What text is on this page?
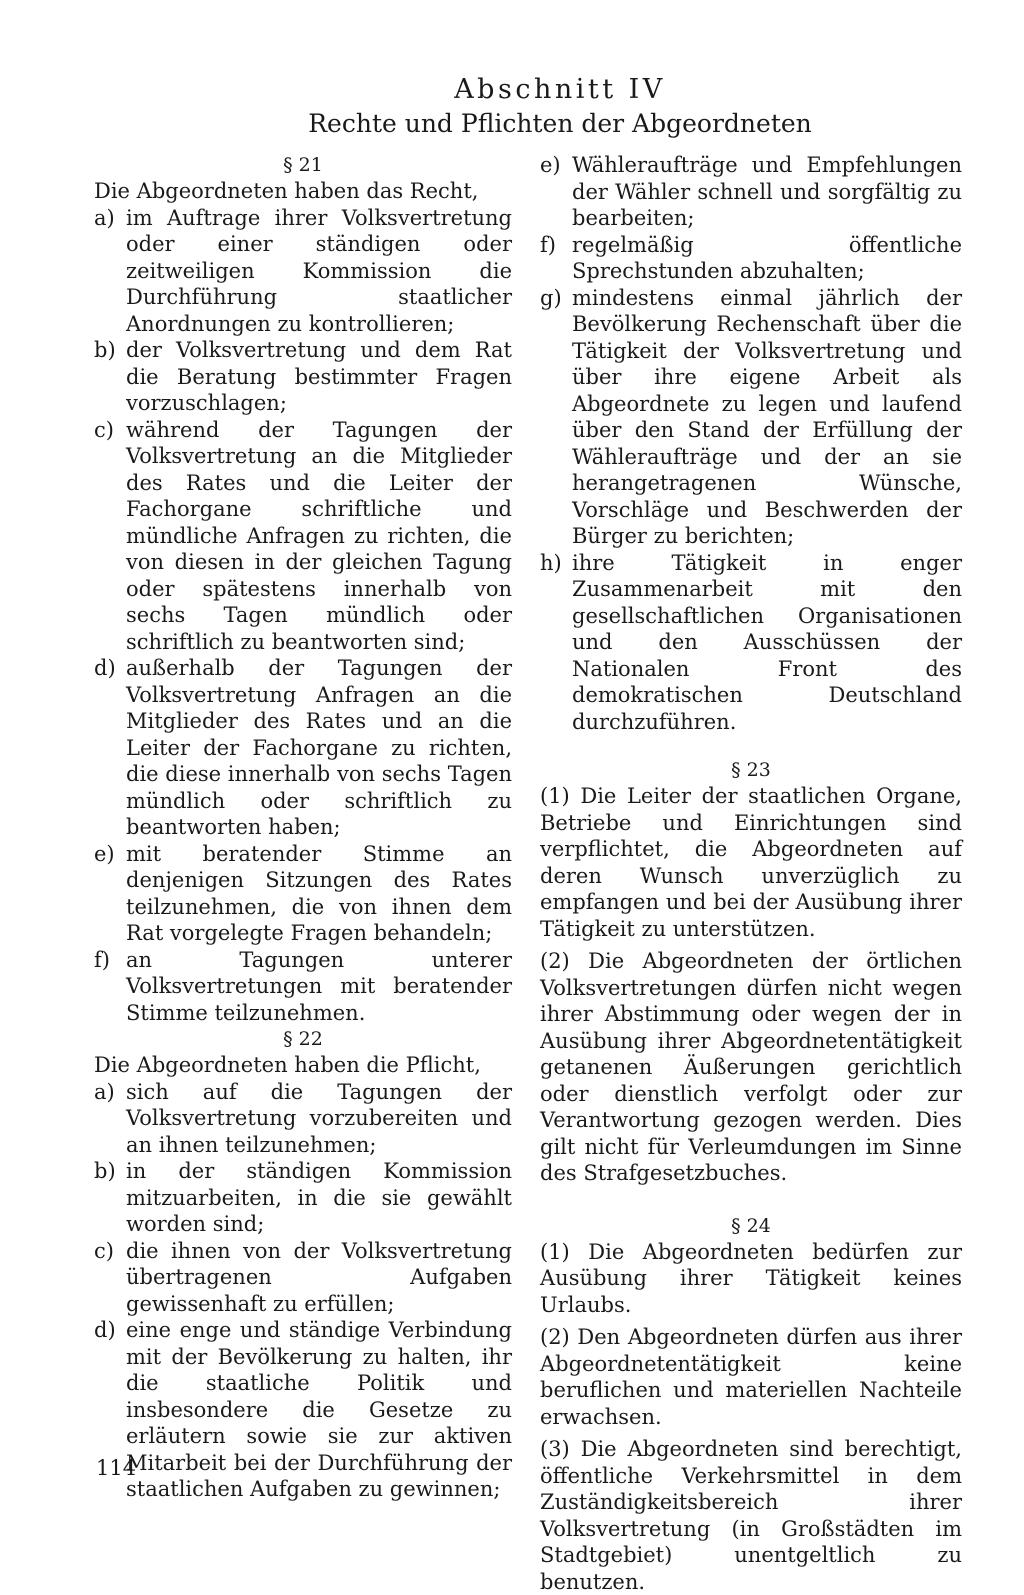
Abschnitt IV
Rechte und Pflichten der Abgeordneten
§ 21

Die Abgeordneten haben das Recht,

a) im Auftrage ihrer Volksvertretung oder einer ständigen oder zeitweiligen Kommission die Durchführung staatlicher Anordnungen zu kontrollieren;
b) der Volksvertretung und dem Rat die Beratung bestimmter Fragen vorzuschlagen;
c) während der Tagungen der Volksvertretung an die Mitglieder des Rates und die Leiter der Fachorgane schriftliche und mündliche Anfragen zu richten, die von diesen in der gleichen Tagung oder spätestens innerhalb von sechs Tagen mündlich oder schriftlich zu beantworten sind;
d) außerhalb der Tagungen der Volksvertretung Anfragen an die Mitglieder des Rates und an die Leiter der Fachorgane zu richten, die diese innerhalb von sechs Tagen mündlich oder schriftlich zu beantworten haben;
e) mit beratender Stimme an denjenigen Sitzungen des Rates teilzunehmen, die von ihnen dem Rat vorgelegte Fragen behandeln;
f) an Tagungen unterer Volksvertretungen mit beratender Stimme teilzunehmen.
§ 22

Die Abgeordneten haben die Pflicht,

a) sich auf die Tagungen der Volksvertretung vorzubereiten und an ihnen teilzunehmen;
b) in der ständigen Kommission mitzuarbeiten, in die sie gewählt worden sind;
c) die ihnen von der Volksvertretung übertragenen Aufgaben gewissenhaft zu erfüllen;
d) eine enge und ständige Verbindung mit der Bevölkerung zu halten, ihr die staatliche Politik und insbesondere die Gesetze zu erläutern sowie sie zur aktiven Mitarbeit bei der Durchführung der staatlichen Aufgaben zu gewinnen;
e) Wähleraufträge und Empfehlungen der Wähler schnell und sorgfältig zu bearbeiten;
f) regelmäßig öffentliche Sprechstunden abzuhalten;
g) mindestens einmal jährlich der Bevölkerung Rechenschaft über die Tätigkeit der Volksvertretung und über ihre eigene Arbeit als Abgeordnete zu legen und laufend über den Stand der Erfüllung der Wähleraufträge und der an sie herangetragenen Wünsche, Vorschläge und Beschwerden der Bürger zu berichten;
h) ihre Tätigkeit in enger Zusammenarbeit mit den gesellschaftlichen Organisationen und den Ausschüssen der Nationalen Front des demokratischen Deutschland durchzuführen.
§ 23

(1) Die Leiter der staatlichen Organe, Betriebe und Einrichtungen sind verpflichtet, die Abgeordneten auf deren Wunsch unverzüglich zu empfangen und bei der Ausübung ihrer Tätigkeit zu unterstützen.

(2) Die Abgeordneten der örtlichen Volksvertretungen dürfen nicht wegen ihrer Abstimmung oder wegen der in Ausübung ihrer Abgeordnetentätigkeit getanenen Äußerungen gerichtlich oder dienstlich verfolgt oder zur Verantwortung gezogen werden. Dies gilt nicht für Verleumdungen im Sinne des Strafgesetzbuches.

§ 24

(1) Die Abgeordneten bedürfen zur Ausübung ihrer Tätigkeit keines Urlaubs.

(2) Den Abgeordneten dürfen aus ihrer Abgeordnetentätigkeit keine beruflichen und materiellen Nachteile erwachsen.

(3) Die Abgeordneten sind berechtigt, öffentliche Verkehrsmittel in dem Zuständigkeitsbereich ihrer Volksvertretung (in Großstädten im Stadtgebiet) unentgeltlich zu benutzen.

114
